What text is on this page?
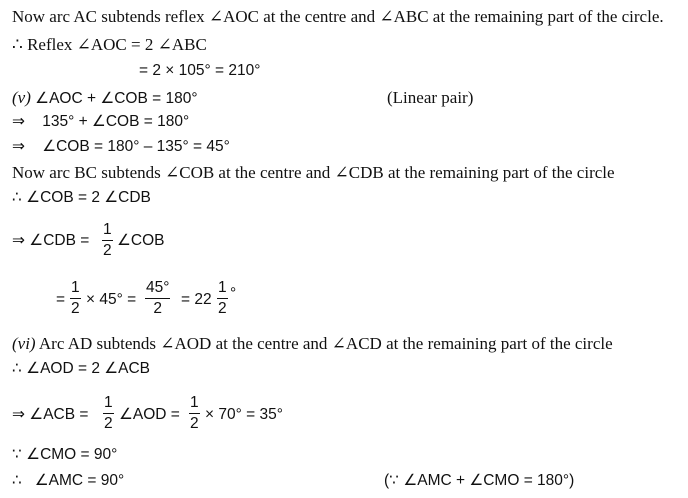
Now arc AC subtends reflex ∠AOC at the centre and ∠ABC at the remaining part of the circle.
∴ Reflex ∠AOC = 2 ∠ABC
= 2 × 105° = 210°
(v) ∠AOC + ∠COB = 180°	(Linear pair)
⇒    135° + ∠COB = 180°
⇒    ∠COB = 180° – 135° = 45°
Now arc BC subtends ∠COB at the centre and ∠CDB at the remaining part of the circle
∴ ∠COB = 2 ∠CDB
⇒ ∠CDB =
1
2
∠COB
=
1
2 × 45° =
45°
2 = 22
1
2
°
(vi) Arc AD subtends ∠AOD at the centre and ∠ACD at the remaining part of the circle
∴ ∠AOD = 2 ∠ACB
⇒ ∠ACB =
1
2 ∠AOD =
1
2 × 70° = 35°
∵ ∠CMO = 90°
∴   ∠AMC = 90°	(∵ ∠AMC + ∠CMO = 180°)
